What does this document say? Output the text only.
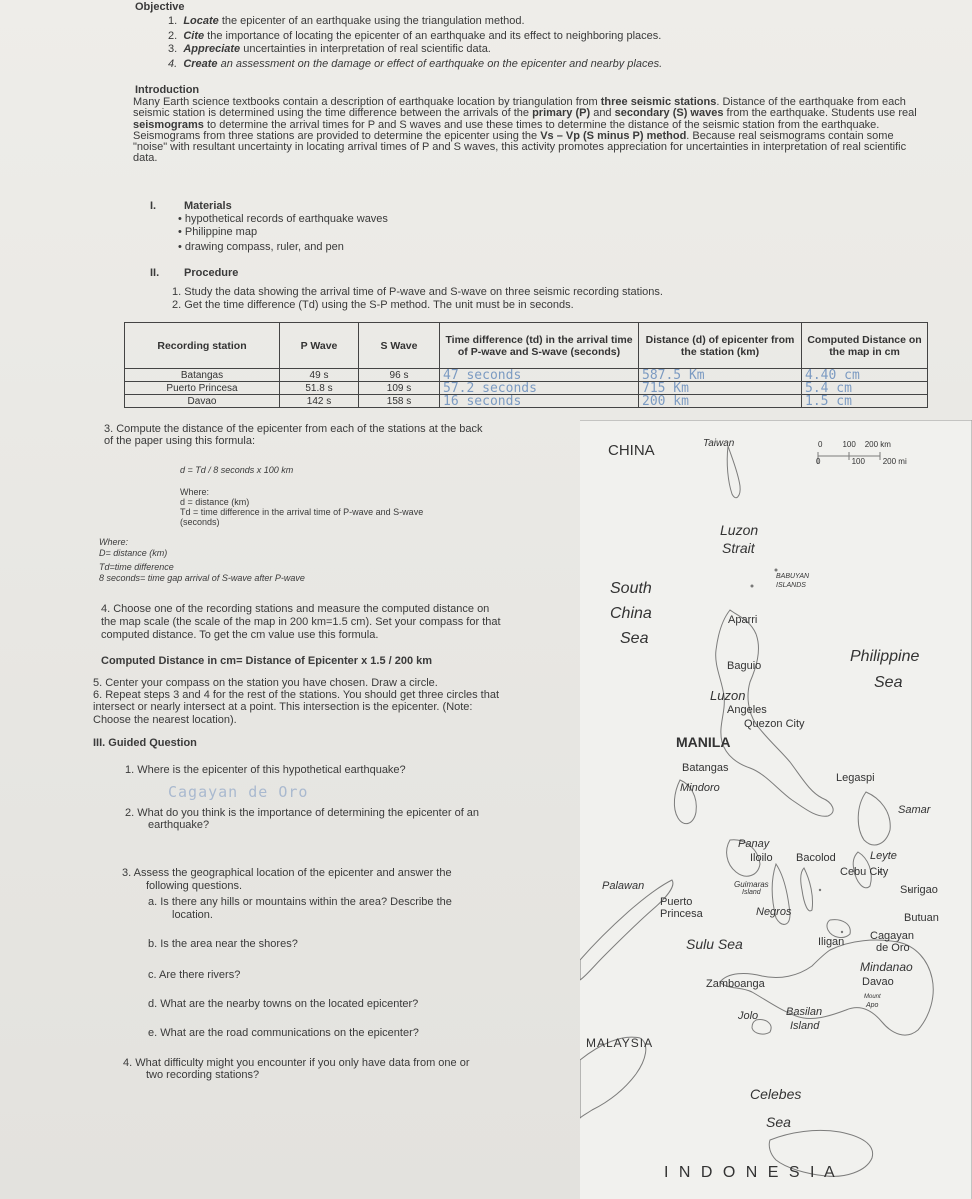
Objective
1. Locate the epicenter of an earthquake using the triangulation method.
2. Cite the importance of locating the epicenter of an earthquake and its effect to neighboring places.
3. Appreciate uncertainties in interpretation of real scientific data.
4. Create an assessment on the damage or effect of earthquake on the epicenter and nearby places.
Introduction
Many Earth science textbooks contain a description of earthquake location by triangulation from three seismic stations. Distance of the earthquake from each seismic station is determined using the time difference between the arrivals of the primary (P) and secondary (S) waves from the earthquake. Students use real seismograms to determine the arrival times for P and S waves and use these times to determine the distance of the seismic station from the earthquake. Seismograms from three stations are provided to determine the epicenter using the Vs – Vp (S minus P) method. Because real seismograms contain some "noise" with resultant uncertainty in locating arrival times of P and S waves, this activity promotes appreciation for uncertainties in interpretation of real scientific data.
I.	Materials
• hypothetical records of earthquake waves
• Philippine map
• drawing compass, ruler, and pen
II. Procedure
1. Study the data showing the arrival time of P-wave and S-wave on three seismic recording stations.
2. Get the time difference (Td) using the S-P method. The unit must be in seconds.
Recording station	P Wave	S Wave	Time difference (td) in the arrival time of P-wave and S-wave (seconds)	Distance (d) of epicenter from the station (km)	Computed Distance on the map in cm
Batangas	49 s	96 s	47 seconds	587.5 Km	4.40 cm
Puerto Princesa	51.8 s	109 s	57.2 seconds	715 Km	5.4 cm
Davao	142 s	158 s	16 seconds	200 km	1.5 cm
3. Compute the distance of the epicenter from each of the stations at the back
of the paper using this formula:
d = Td / 8 seconds x 100 km
Where:
d = distance (km)
Td = time difference in the arrival time of P-wave and S-wave
(seconds)
Where:
D= distance (km)
Td=time difference
8 seconds= time gap arrival of S-wave after P-wave
4. Choose one of the recording stations and measure the computed distance on
the map scale (the scale of the map in 200 km=1.5 cm). Set your compass for that
computed distance. To get the cm value use this formula.
Computed Distance in cm= Distance of Epicenter x 1.5 / 200 km
5. Center your compass on the station you have chosen. Draw a circle.
6. Repeat steps 3 and 4 for the rest of the stations. You should get three circles that
intersect or nearly intersect at a point. This intersection is the epicenter. (Note:
Choose the nearest location).
III. Guided Question
1. Where is the epicenter of this hypothetical earthquake?
Cagayan de Oro
2. What do you think is the importance of determining the epicenter of an
earthquake?
3. Assess the geographical location of the epicenter and answer the
following questions.
a. Is there any hills or mountains within the area? Describe the
location.
b. Is the area near the shores?
c. Are there rivers?
d. What are the nearby towns on the located epicenter?
e. What are the road communications on the epicenter?
4. What difficulty might you encounter if you only have data from one or
two recording stations?
0	100 200 km
0	100 200 mi
CHINA	Taiwan
Luzon
Strait
BABUYAN
ISLANDS
South
China
Sea
Aparri
Philippine
Sea
Baguio
Luzon
Angeles
Quezon City
MANILA
Batangas
Legaspi
Mindoro
Samar
Panay
Iloilo Bacolod	Leyte
Cebu City
Surigao
Palawan	Guimaras
Island
Puerto
Princesa	Negros	Butuan
Iligan Cagayan
de Oro
Sulu Sea
Mindanao
Davao
Zamboanga
Mount
Apo
Jolo	Basilan
Island
MALAYSIA
Celebes
Sea
I N D O N E S I A
